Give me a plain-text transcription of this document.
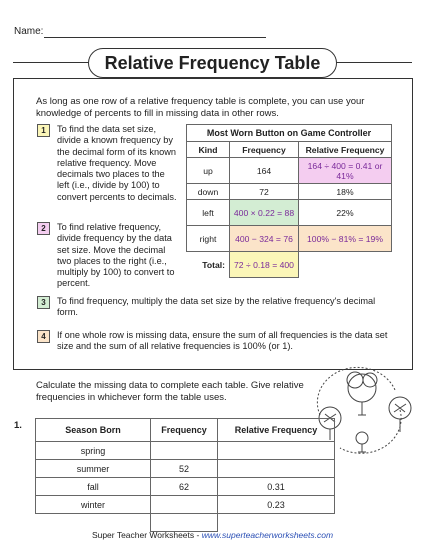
Name:
Relative Frequency Table
As long as one row of a relative frequency table is complete, you can use your knowledge of percents to fill in missing data in other rows.
1	To find the data set size, divide a known frequency by the decimal form of its known relative frequency. Move decimals two places to the left (i.e., divide by 100) to convert percents to decimals.
2	To find relative frequency, divide frequency by the data set size. Move the decimal two places to the right (i.e., multiply by 100) to convert to percent.
3	To find frequency, multiply the data set size by the relative frequency's decimal form.
4	If one whole row is missing data, ensure the sum of all frequencies is the data set size and the sum of all relative frequencies is 100% (or 1).
Most Worn Button on Game Controller		
Kind	Frequency	Relative Frequency
up	164	164 ÷ 400 = 0.41 or 41%
down	72	18%
left	400 × 0.22 = 88	22%
right	400 − 324 = 76	100% − 81% = 19%
Total:	72 ÷ 0.18 = 400	
Calculate the missing data to complete each table. Give relative frequencies in whichever form the table uses.
1.	Season Born	Frequency	Relative Frequency
spring		
summer	52	
fall	62	0.31
winter		0.23

Super Teacher Worksheets - www.superteacherworksheets.com
